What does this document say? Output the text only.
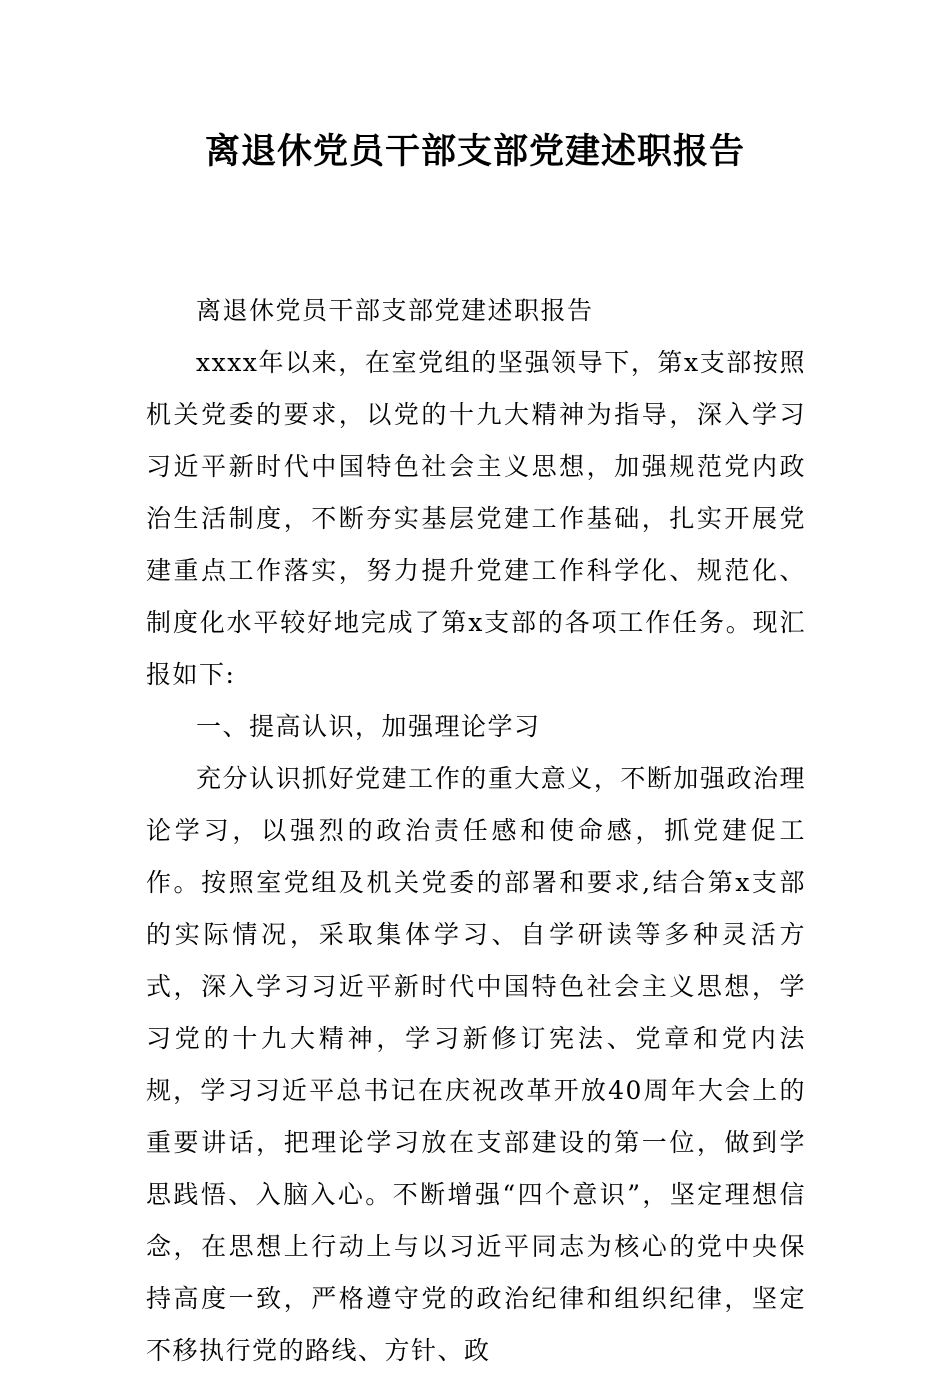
离退休党员干部支部党建述职报告

离退休党员干部支部党建述职报告

xxxx年以来，在室党组的坚强领导下，第x支部按照机关党委的要求，以党的十九大精神为指导，深入学习习近平新时代中国特色社会主义思想，加强规范党内政治生活制度，不断夯实基层党建工作基础，扎实开展党建重点工作落实，努力提升党建工作科学化、规范化、制度化水平较好地完成了第x支部的各项工作任务。现汇报如下:

一、提高认识，加强理论学习

充分认识抓好党建工作的重大意义，不断加强政治理论学习，以强烈的政治责任感和使命感，抓党建促工作。按照室党组及机关党委的部署和要求,结合第x支部的实际情况，采取集体学习、自学研读等多种灵活方式，深入学习习近平新时代中国特色社会主义思想，学习党的十九大精神，学习新修订宪法、党章和党内法规，学习习近平总书记在庆祝改革开放40周年大会上的重要讲话，把理论学习放在支部建设的第一位，做到学思践悟、入脑入心。不断增强“四个意识”，坚定理想信念，在思想上行动上与以习近平同志为核心的党中央保持高度一致，严格遵守党的政治纪律和组织纪律，坚定不移执行党的路线、方针、政
